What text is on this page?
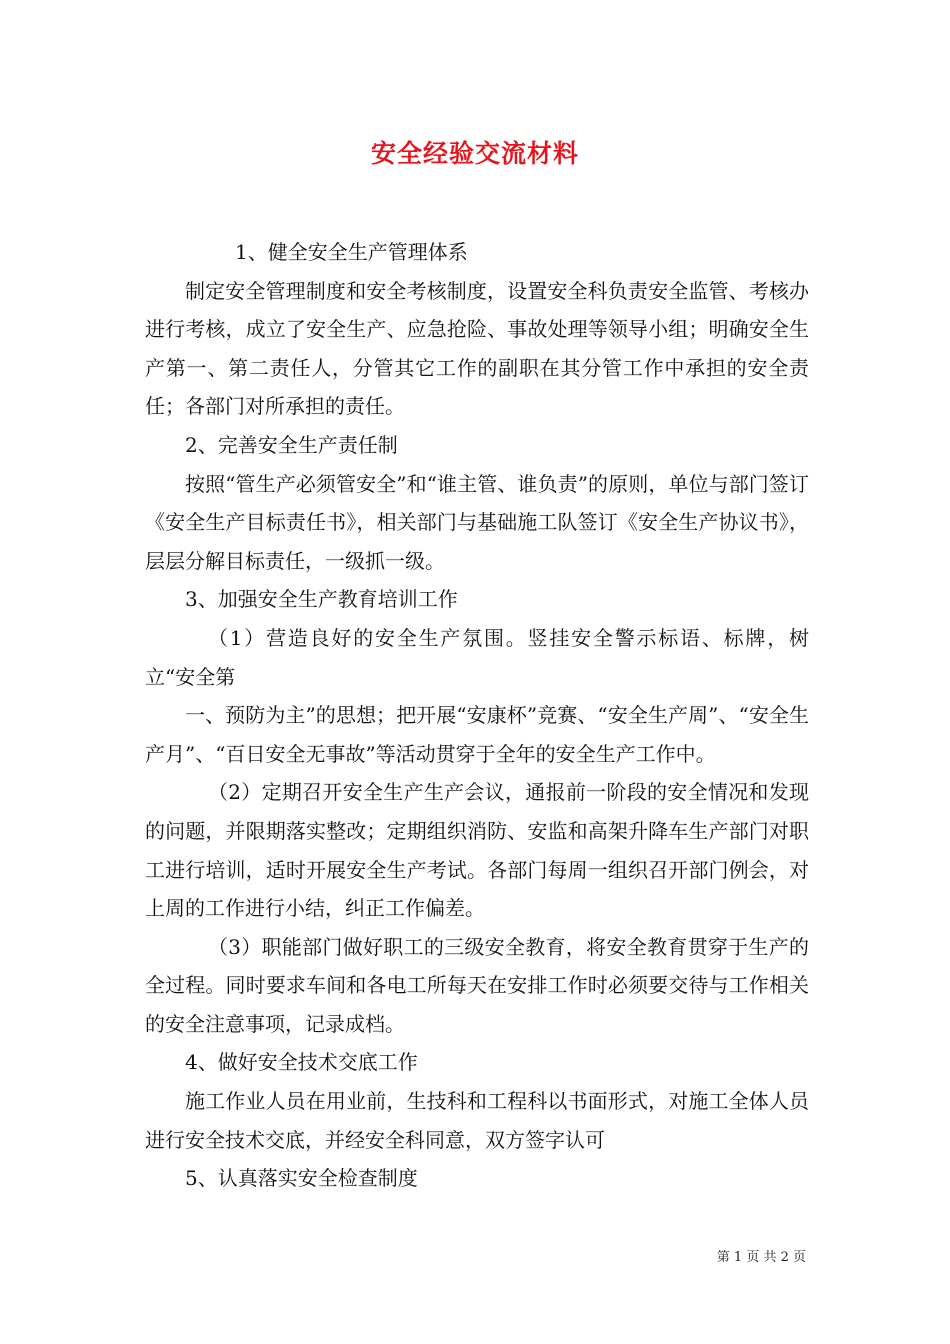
安全经验交流材料

1、健全安全生产管理体系

制定安全管理制度和安全考核制度，设置安全科负责安全监管、考核办进行考核，成立了安全生产、应急抢险、事故处理等领导小组；明确安全生产第一、第二责任人，分管其它工作的副职在其分管工作中承担的安全责任；各部门对所承担的责任。

2、完善安全生产责任制

按照“管生产必须管安全”和“谁主管、谁负责”的原则，单位与部门签订《安全生产目标责任书》，相关部门与基础施工队签订《安全生产协议书》，层层分解目标责任，一级抓一级。

3、加强安全生产教育培训工作

（1）营造良好的安全生产氛围。竖挂安全警示标语、标牌，树立“安全第

一、预防为主”的思想；把开展“安康杯”竞赛、“安全生产周”、“安全生产月”、“百日安全无事故”等活动贯穿于全年的安全生产工作中。

（2）定期召开安全生产生产会议，通报前一阶段的安全情况和发现的问题，并限期落实整改；定期组织消防、安监和高架升降车生产部门对职工进行培训，适时开展安全生产考试。各部门每周一组织召开部门例会，对上周的工作进行小结，纠正工作偏差。

（3）职能部门做好职工的三级安全教育，将安全教育贯穿于生产的全过程。同时要求车间和各电工所每天在安排工作时必须要交待与工作相关的安全注意事项，记录成档。

4、做好安全技术交底工作

施工作业人员在用业前，生技科和工程科以书面形式，对施工全体人员进行安全技术交底，并经安全科同意，双方签字认可

5、认真落实安全检查制度

第 1 页 共 2 页
